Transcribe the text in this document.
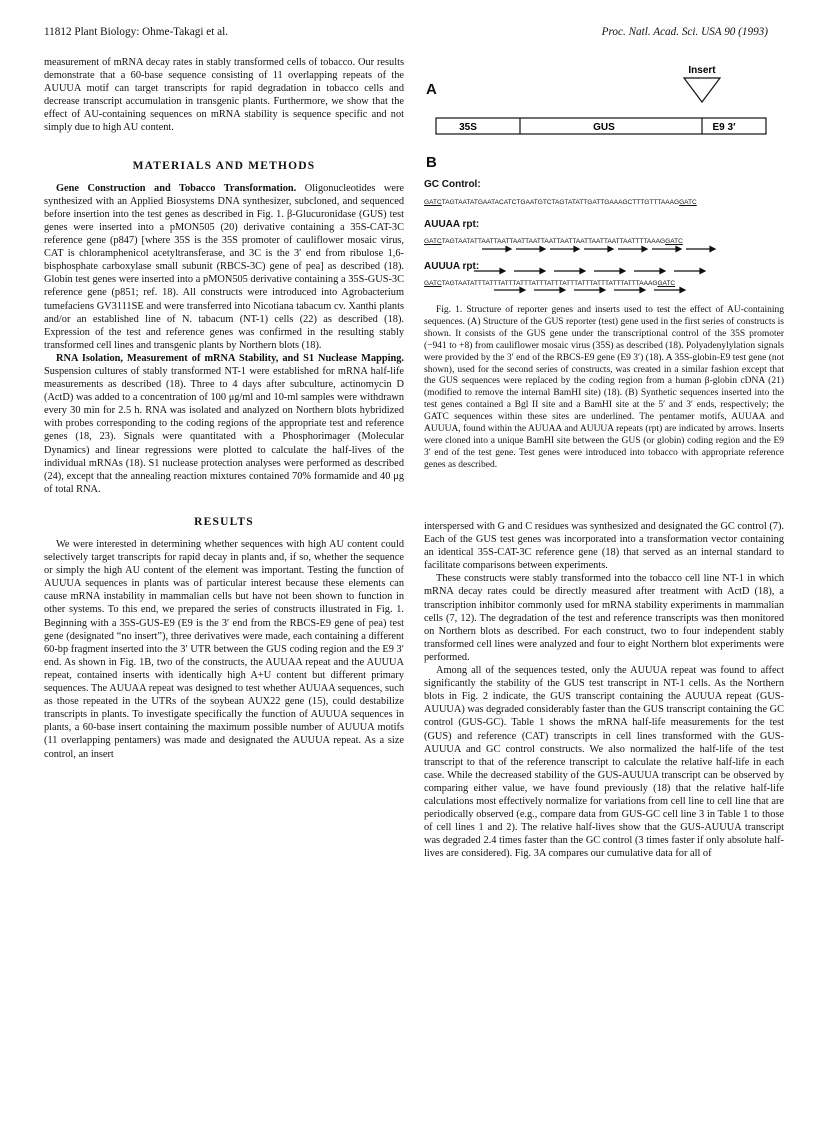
11812 Plant Biology: Ohme-Takagi et al.	Proc. Natl. Acad. Sci. USA 90 (1993)

measurement of mRNA decay rates in stably transformed cells of tobacco. Our results demonstrate that a 60-base sequence consisting of 11 overlapping repeats of the AUUUA motif can target transcripts for rapid degradation in tobacco cells and decrease transcript accumulation in transgenic plants. Furthermore, we show that the effect of AU-containing sequences on mRNA stability is sequence specific and not simply due to high AU content.

MATERIALS AND METHODS

Gene Construction and Tobacco Transformation. Oligonucleotides were synthesized with an Applied Biosystems DNA synthesizer, subcloned, and sequenced before insertion into the test genes as described in Fig. 1. β-Glucuronidase (GUS) test genes were inserted into a pMON505 (20) derivative containing a 35S-CAT-3C reference gene (p847) [where 35S is the 35S promoter of cauliflower mosaic virus, CAT is chloramphenicol acetyltransferase, and 3C is the 3′ end from ribulose 1,6-bisphosphate carboxylase small subunit (RBCS-3C) gene of pea] as described (18). Globin test genes were inserted into a pMON505 derivative containing a 35S-GUS-3C reference gene (p851; ref. 18). All constructs were introduced into Agrobacterium tumefaciens GV3111SE and were transferred into Nicotiana tabacum cv. Xanthi plants and/or an established line of N. tabacum (NT-1) cells (22) as described (18). Expression of the test and reference genes was confirmed in the resulting stably transformed cell lines and transgenic plants by Northern blots (18).

RNA Isolation, Measurement of mRNA Stability, and S1 Nuclease Mapping. Suspension cultures of stably transformed NT-1 were established for mRNA half-life measurements as described (18). Three to 4 days after subculture, actinomycin D (ActD) was added to a concentration of 100 μg/ml and 10-ml samples were withdrawn every 30 min for 2.5 h. RNA was isolated and analyzed on Northern blots hybridized with probes corresponding to the coding regions of the appropriate test and reference genes (18, 23). Signals were quantitated with a Phosphorimager (Molecular Dynamics) and linear regressions were plotted to calculate the half-lives of the individual mRNAs (18). S1 nuclease protection analyses were performed as described (24), except that the annealing reaction mixtures contained 70% formamide and 40 μg of total RNA.

RESULTS

We were interested in determining whether sequences with high AU content could selectively target transcripts for rapid decay in plants and, if so, whether the sequence or simply the high AU content of the element was important. Testing the function of AUUUA sequences in plants was of particular interest because these elements can cause mRNA instability in mammalian cells but have not been shown to function in other systems. To this end, we prepared the series of constructs illustrated in Fig. 1. Beginning with a 35S-GUS-E9 (E9 is the 3′ end from the RBCS-E9 gene of pea) test gene (designated “no insert”), three derivatives were made, each containing a different 60-bp fragment inserted into the 3′ UTR between the GUS coding region and the E9 3′ end. As shown in Fig. 1B, two of the constructs, the AUUAA repeat and the AUUUA repeat, contained inserts with identically high A+U content but different primary sequences. The AUUAA repeat was designed to test whether AUUAA sequences, such as those repeated in the UTRs of the soybean AUX22 gene (15), could destabilize transcripts in plants. To investigate specifically the function of AUUUA sequences in plants, a 60-base insert containing the maximum possible number of AUUUA motifs (11 overlapping pentamers) was made and designated the AUUUA repeat. As a size control, an insert

A
Insert
35S	GUS	E9 3′
B
GC Control:
GATCTAGTAATATGAATACATCTGAATGTCTAGTATATTGATTGAAAGCTTTGTTTAAAGGATC
AUUAA rpt:
GATCTAGTAATATTAATTAATTAATTAATTAATTAATTAATTAATTAATTAATTTTAAAGGATC
AUUUA rpt:
GATCTAGTAATATTTATTTATTTATTTATTTATTTATTTATTTATTTATTTATTTAAAGGATC

Fig. 1. Structure of reporter genes and inserts used to test the effect of AU-containing sequences. (A) Structure of the GUS reporter (test) gene used in the first series of constructs is shown. It consists of the GUS gene under the transcriptional control of the 35S promoter (−941 to +8) from cauliflower mosaic virus (35S) as described (18). Polyadenylylation signals were provided by the 3′ end of the RBCS-E9 gene (E9 3′) (18). A 35S-globin-E9 test gene (not shown), used for the second series of constructs, was created in a similar fashion except that the GUS sequences were replaced by the coding region from a human β-globin cDNA (21) (modified to remove the internal BamHI site) (18). (B) Synthetic sequences inserted into the test genes contained a Bgl II site and a BamHI site at the 5′ and 3′ ends, respectively; the GATC sequences within these sites are underlined. The pentamer motifs, AUUAA and AUUUA, found within the AUUAA and AUUUA repeats (rpt) are indicated by arrows. Inserts were cloned into a unique BamHI site between the GUS (or globin) coding region and the E9 3′ end of the test gene. Test genes were introduced into tobacco with appropriate reference genes as described.

interspersed with G and C residues was synthesized and designated the GC control (7). Each of the GUS test genes was incorporated into a transformation vector containing an identical 35S-CAT-3C reference gene (18) that served as an internal standard to facilitate comparisons between experiments.

These constructs were stably transformed into the tobacco cell line NT-1 in which mRNA decay rates could be directly measured after treatment with ActD (18), a transcription inhibitor commonly used for mRNA stability experiments in mammalian cells (7, 12). The degradation of the test and reference transcripts was then monitored on Northern blots as described. For each construct, two to four independent stably transformed cell lines were analyzed and four to eight Northern blot experiments were performed.

Among all of the sequences tested, only the AUUUA repeat was found to affect significantly the stability of the GUS test transcript in NT-1 cells. As the Northern blots in Fig. 2 indicate, the GUS transcript containing the AUUUA repeat (GUS-AUUUA) was degraded considerably faster than the GUS transcript containing the GC control (GUS-GC). Table 1 shows the mRNA half-life measurements for the test (GUS) and reference (CAT) transcripts in cell lines transformed with the GUS-AUUUA and GC control constructs. We also normalized the half-life of the test transcript to that of the reference transcript to calculate the relative half-life in each case. While the decreased stability of the GUS-AUUUA transcript can be observed by comparing either value, we have found previously (18) that the relative half-life calculations most effectively normalize for variations from cell line to cell line that are periodically observed (e.g., compare data from GUS-GC cell line 3 in Table 1 to those of cell lines 1 and 2). The relative half-lives show that the GUS-AUUUA transcript was degraded 2.4 times faster than the GC control (3 times faster if only absolute half-lives are considered). Fig. 3A compares our cumulative data for all of
